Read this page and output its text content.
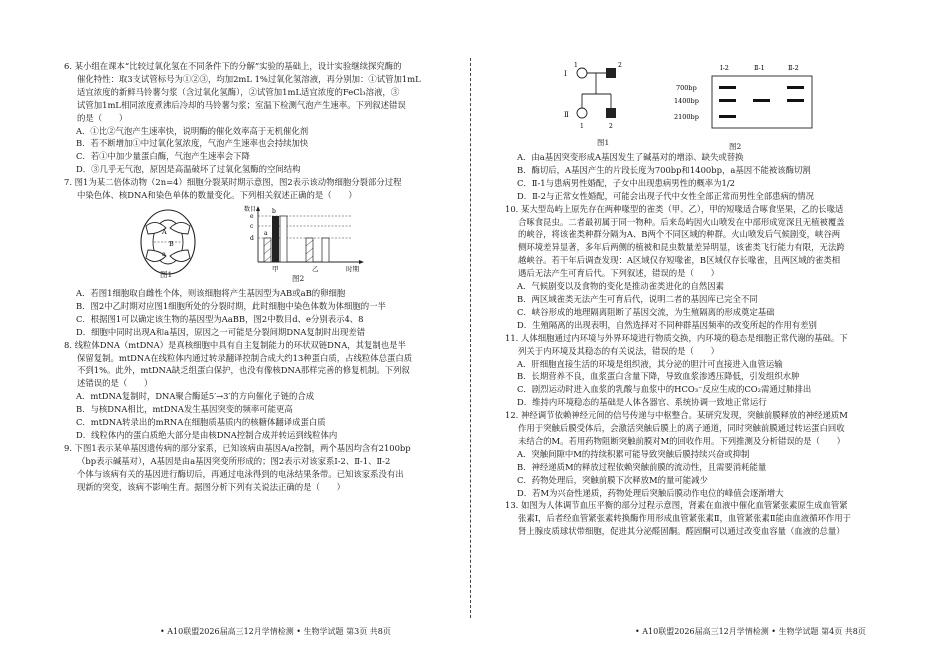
6. 某小组在课本“比较过氧化氢在不同条件下的分解”实验的基础上，设计实验继续探究酶的
催化特性：取3支试管标号为①②③，均加2mL 1%过氧化氢溶液，再分别加：①试管加1mL
适宜浓度的新鲜马铃薯匀浆（含过氧化氢酶），②试管加1mL适宜浓度的FeCl₃溶液，③
试管加1mL相同浓度煮沸后冷却的马铃薯匀浆；室温下检测气泡产生速率。下列叙述错误
的是（　　）
A．①比②气泡产生速率快，说明酶的催化效率高于无机催化剂
B．若不断增加①中过氧化氢浓度，气泡产生速率也会持续加快
C．若①中加少量蛋白酶，气泡产生速率会下降
D．③几乎无气泡，原因是高温破坏了过氧化氢酶的空间结构
7. 图1为某二倍体动物（2n=4）细胞分裂某时期示意图，图2表示该动物细胞分裂部分过程
中染色体、核DNA和染色单体的数量变化。下列相关叙述正确的是（　　）
A
B
a
图1
数目
e
c
d
a
b
甲	乙	时期
图2
A．若图1细胞取自雌性个体，则该细胞将产生基因型为AB或aB的卵细胞
B．图2中乙时期对应图1细胞所处的分裂时期，此时细胞中染色体数为体细胞的一半
C．根据图1可以确定该生物的基因型为AaBB，图2中数目d、e分别表示4、8
D．细胞中同时出现A和a基因，原因之一可能是分裂间期DNA复制时出现差错
8. 线粒体DNA（mtDNA）是真核细胞中具有自主复制能力的环状双链DNA，其复制也是半
保留复制。mtDNA在线粒体内通过转录翻译控制合成大约13种蛋白质，占线粒体总蛋白质
不到1%。此外，mtDNA缺乏组蛋白保护，也没有像核DNA那样完善的修复机制。下列叙
述错误的是（　　）
A．mtDNA复制时，DNA聚合酶延5′→3′的方向催化子链的合成
B．与核DNA相比，mtDNA发生基因突变的频率可能更高
C．mtDNA转录出的mRNA在细胞质基质内的核糖体翻译成蛋白质
D．线粒体内的蛋白质绝大部分是由核DNA控制合成并转运到线粒体内
9. 下图1表示某单基因遗传病的部分家系，已知该病由基因A/a控制，两个基因均含有2100bp
（bp表示碱基对），A基因是由a基因突变所形成的；图2表示对该家系Ⅰ-2、Ⅱ-1、Ⅱ-2
个体与该病有关的基因进行酶切后，再通过电泳得到的电泳结果条带。已知该家系没有出
现新的突变，该病不影响生育。据图分析下列有关说法正确的是（　　）
• A10联盟2026届高三12月学情检测 • 生物学试题 第3页 共8页
Ⅰ
Ⅱ
1	2
1	2
图1
Ⅰ-2	Ⅱ-1	Ⅱ-2
700bp
1400bp
2100bp
图2
A．由a基因突变形成A基因发生了碱基对的增添、缺失或替换
B．酶切后，A基因产生的片段长度为700bp和1400bp，a基因不能被该酶切割
C．Ⅱ-1与患病男性婚配，子女中出现患病男性的概率为1/2
D．Ⅱ-2与正常女性婚配，可能会出现子代中女性全部正常而男性全部患病的情况
10. 某大型岛屿上原先存在两种喙型的雀类（甲、乙），甲的短喙适合啄食坚果，乙的长喙适
合啄食昆虫。二者最初属于同一物种。后来岛屿因火山喷发在中部形成宽深且无植被覆盖
的峡谷，将该雀类种群分隔为A、B两个不同区域的种群。火山喷发后气候剧变，峡谷两
侧环境差异显著，多年后两侧的植被和昆虫数量差异明显，该雀类飞行能力有限，无法跨
越峡谷。若干年后调查发现：A区域仅存短喙雀，B区域仅存长喙雀，且两区域的雀类相
遇后无法产生可育后代。下列叙述，错误的是（　　）
A．气候剧变以及食物的变化是推动雀类进化的自然因素
B．两区域雀类无法产生可育后代，说明二者的基因库已完全不同
C．峡谷形成的地理隔离阻断了基因交流，为生殖隔离的形成奠定基础
D．生殖隔离的出现表明，自然选择对不同种群基因频率的改变所起的作用有差别
11. 人体细胞通过内环境与外界环境进行物质交换，内环境的稳态是细胞正常代谢的基础。下
列关于内环境及其稳态的有关说法，错误的是（　　）
A．肝细胞直接生活的环境是组织液，其分泌的胆汁可直接进入血管运输
B．长期营养不良，血浆蛋白含量下降，导致血浆渗透压降低，引发组织水肿
C．剧烈运动时进入血浆的乳酸与血浆中的HCO₃⁻反应生成的CO₂需通过肺排出
D．维持内环境稳态的基础是人体各器官、系统协调一致地正常运行
12. 神经调节依赖神经元间的信号传递与中枢整合。某研究发现，突触前膜释放的神经递质M
作用于突触后膜受体后，会激活突触后膜上的离子通道，同时突触前膜通过转运蛋白回收
未结合的M。若用药物阻断突触前膜对M的回收作用。下列推测及分析错误的是（　　）
A．突触间隙中M的持续积累可能导致突触后膜持续兴奋或抑制
B．神经递质M的释放过程依赖突触前膜的流动性，且需要消耗能量
C．药物处理后，突触前膜下次释放M的量可能减少
D．若M为兴奋性递质，药物处理后突触后膜动作电位的峰值会逐渐增大
13. 如图为人体调节血压平衡的部分过程示意图，肾素在血液中催化血管紧张素原生成血管紧
张素Ⅰ，后者经血管紧张素转换酶作用形成血管紧张素Ⅱ，血管紧张素Ⅱ能由血液循环作用于
肾上腺皮质球状带细胞，促进其分泌醛固酮。醛固酮可以通过改变血容量（血液的总量）
• A10联盟2026届高三12月学情检测 • 生物学试题 第4页 共8页
